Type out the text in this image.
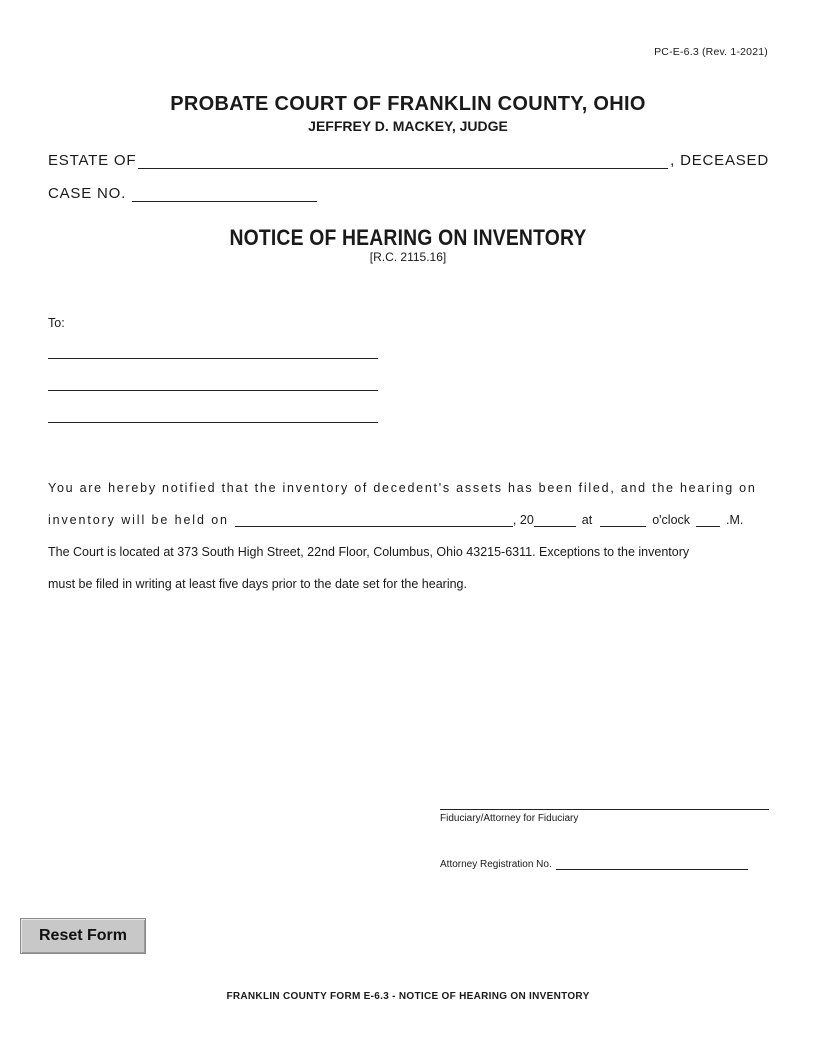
PC-E-6.3 (Rev. 1-2021)
PROBATE COURT OF FRANKLIN COUNTY, OHIO
JEFFREY D. MACKEY, JUDGE
ESTATE OF	, DECEASED
CASE NO.
NOTICE OF HEARING ON INVENTORY
[R.C. 2115.16]
To:
You are hereby notified that the inventory of decedent's assets has been filed, and the hearing on
inventory will be held on	, 20	at	o'clock	.M.
The Court is located at 373 South High Street, 22nd Floor, Columbus, Ohio 43215-6311. Exceptions to the inventory
must be filed in writing at least five days prior to the date set for the hearing.
Fiduciary/Attorney for Fiduciary
Attorney Registration No.
Reset Form
FRANKLIN COUNTY FORM E-6.3 - NOTICE OF HEARING ON INVENTORY
